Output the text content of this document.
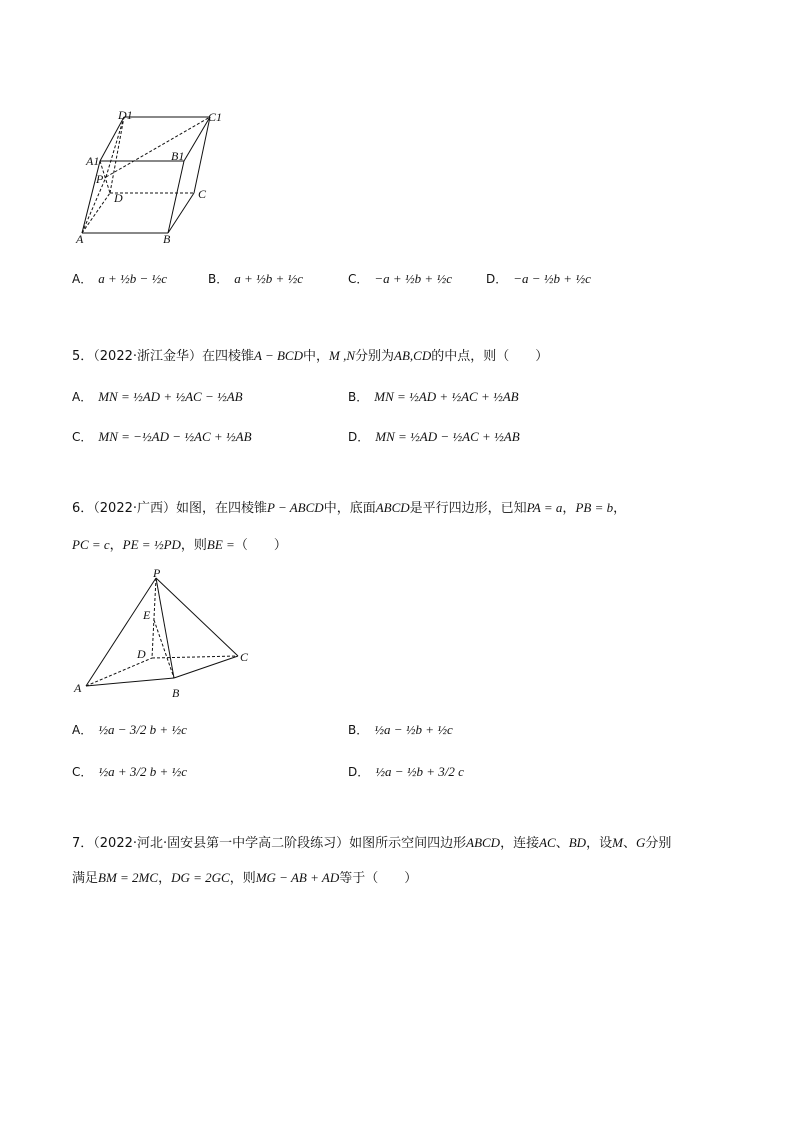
D1	C1
A1	B1
P
D	C
A	B
A． a + ½b − ½c	B． a + ½b + ½c	C． −a + ½b + ½c	D． −a − ½b + ½c
5．（2022·浙江金华）在四棱锥A − BCD中，M ,N分别为AB,CD的中点，则（　　）
A． MN = ½AD + ½AC − ½AB	B． MN = ½AD + ½AC + ½AB
C． MN = −½AD − ½AC + ½AB	D． MN = ½AD − ½AC + ½AB
6．（2022·广西）如图，在四棱锥P − ABCD中，底面ABCD是平行四边形，已知PA = a，PB = b，
PC = c，PE = ½PD，则BE =（　　）
P
E
D	C
A	B
A． ½a − 3/2 b + ½c	B． ½a − ½b + ½c
C． ½a + 3/2 b + ½c	D． ½a − ½b + 3/2 c
7．（2022·河北·固安县第一中学高二阶段练习）如图所示空间四边形ABCD，连接AC、BD，设M、G分别
满足BM = 2MC，DG = 2GC，则MG − AB + AD等于（　　）
